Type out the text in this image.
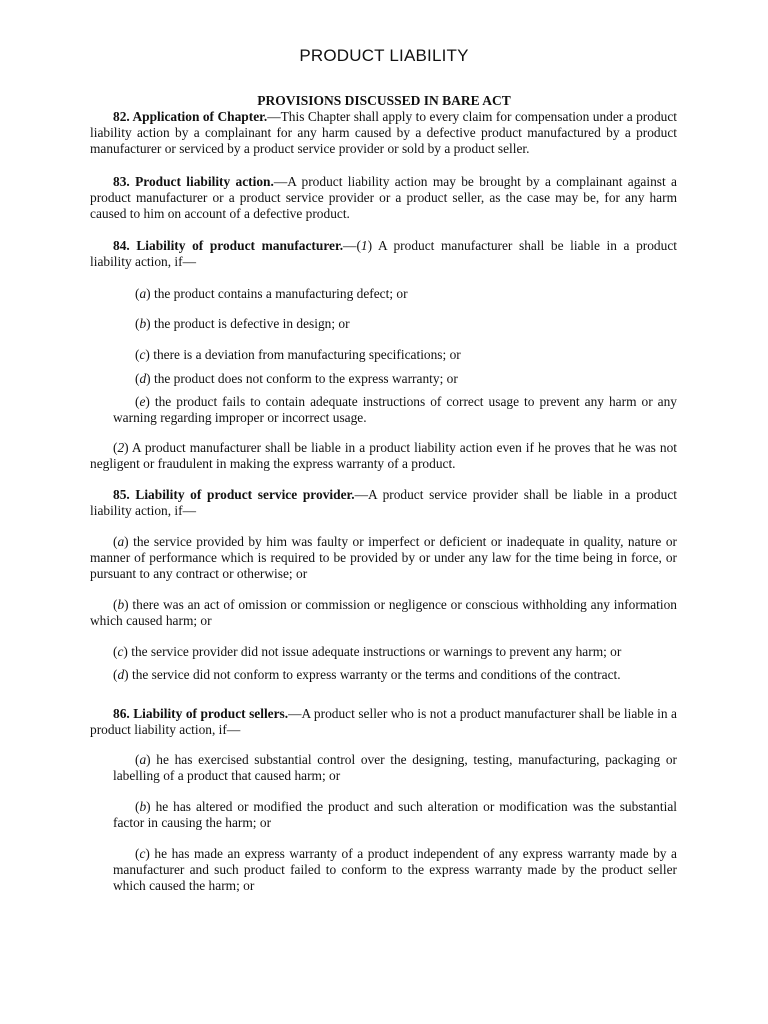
PRODUCT LIABILITY
PROVISIONS DISCUSSED IN BARE ACT

82. Application of Chapter.—This Chapter shall apply to every claim for compensation under a product liability action by a complainant for any harm caused by a defective product manufactured by a product manufacturer or serviced by a product service provider or sold by a product seller.

83. Product liability action.—A product liability action may be brought by a complainant against a product manufacturer or a product service provider or a product seller, as the case may be, for any harm caused to him on account of a defective product.

84. Liability of product manufacturer.—(1) A product manufacturer shall be liable in a product liability action, if—

(a) the product contains a manufacturing defect; or

(b) the product is defective in design; or

(c) there is a deviation from manufacturing specifications; or

(d) the product does not conform to the express warranty; or

(e) the product fails to contain adequate instructions of correct usage to prevent any harm or any warning regarding improper or incorrect usage.

(2) A product manufacturer shall be liable in a product liability action even if he proves that he was not negligent or fraudulent in making the express warranty of a product.

85. Liability of product service provider.—A product service provider shall be liable in a product liability action, if—

(a) the service provided by him was faulty or imperfect or deficient or inadequate in quality, nature or manner of performance which is required to be provided by or under any law for the time being in force, or pursuant to any contract or otherwise; or

(b) there was an act of omission or commission or negligence or conscious withholding any information which caused harm; or

(c) the service provider did not issue adequate instructions or warnings to prevent any harm; or

(d) the service did not conform to express warranty or the terms and conditions of the contract.

86. Liability of product sellers.—A product seller who is not a product manufacturer shall be liable in a product liability action, if—

(a) he has exercised substantial control over the designing, testing, manufacturing, packaging or labelling of a product that caused harm; or

(b) he has altered or modified the product and such alteration or modification was the substantial factor in causing the harm; or

(c) he has made an express warranty of a product independent of any express warranty made by a manufacturer and such product failed to conform to the express warranty made by the product seller which caused the harm; or
